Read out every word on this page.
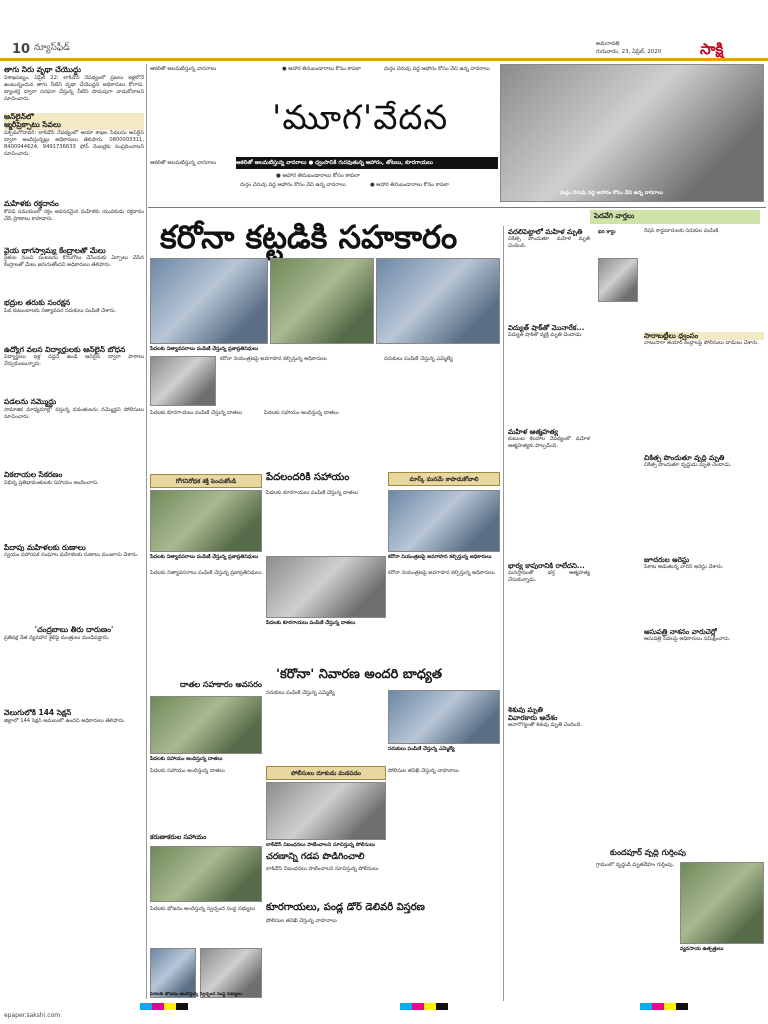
10 న్యూస్‌ఫీడ్	అమరావతి
గురువారం, 23, ఏప్రిల్, 2020	సాక్షి
తాగు నీరు వృథా చేయొద్దు
విశాఖపట్నం, ఏప్రిల్ 22: లాక్‌డౌన్ నేపథ్యంలో ప్రజలు ఇళ్లలోనే ఉంటున్నందున తాగు నీటిని వృథా చేయొద్దని అధికారులు కోరారు. ట్యాంకర్ల ద్వారా సరఫరా చేస్తున్న నీటిని పొదుపుగా వాడుకోవాలని సూచించారు.
ఆన్‌లైన్‌లో
ఆ్మరీప్రెక్సాటు సేవలు
పశ్చిమగోదావరి: లాక్‌డౌన్ నేపథ్యంలో ఆయా శాఖల సేవలను ఆన్‌లైన్ ద్వారా అందిస్తున్నట్లు అధికారులు తెలిపారు. 0800003311, 8400044624, 9491736633 ఫోన్ నెంబర్లకు సంప్రదించాలని సూచించారు.
మహిళకు రక్తదానం
కొవిడ్ సమయంలో రక్తం అవసరమైన మహిళకు యువకుడు రక్తదానం చేసి ప్రాణాలు కాపాడారు.
వైయ భాగస్వామ్య కేంద్రాలతో మేలు
రైతుల నుంచి పంటలను కొనుగోలు చేసేందుకు ఏర్పాటు చేసిన కేంద్రాలతో మేలు జరుగుతోందని అధికారులు తెలిపారు.
భద్రుల తరుకు సంరక్షన
పేద కుటుంబాలకు నిత్యావసర సరుకులు పంపిణీ చేశారు.
ఉద్యోగ వలస విద్యార్థులకు ఆన్‌లైన్ బోధన
విద్యార్థులు ఇళ్ల వద్దనే ఉండి ఆన్‌లైన్ ద్వారా పాఠాలు నేర్చుకుంటున్నారు.
పడలను నమ్మొద్దు
సామాజిక మాధ్యమాల్లో వస్తున్న వదంతులను నమ్మొద్దని పోలీసులు సూచించారు.
వికలాయల సేకరణం
విభిన్న ప్రతిభావంతులకు సహాయం అందించారు.
పేదాపు మహిళలకు రుణాలు
స్వయం సహాయక సంఘాల మహిళలకు రుణాలు మంజూరు చేశారు.
'చంద్రబాబు తీరు దారుణం'
ప్రతిపక్ష నేత వ్యవహార శైలిపై మంత్రులు మండిపడ్డారు.
వెలుగులోకి 144 సెక్షన్
జిల్లాలో 144 సెక్షన్ అమలులో ఉందని అధికారులు తెలిపారు.
ఆకలితో అలమటిస్తున్న వానరాలు	● ఆహార తినుబండారాలు కోసం కాపలా	దుర్గం చెరువు వద్ద ఆహారం కోసం వేచి ఉన్న వానరాలు
'మూగ'వేదన
ఆకలితో అలమటిస్తున్న వానరాలు ● ధ్వంసానికి గురవుతున్న ఆహారం, తోటలు, కూరగాయలు
● ఆహార తినుబండారాలు కోసం కాపలా
ఆకలితో అలమటిస్తున్న వానరాలు
దుర్గం చెరువు వద్ద ఆహారం కోసం వేచి ఉన్న వానరాలు	● ఆహార తినుబండారాలు కోసం కాపలా
దుర్గం చెరువు వద్ద ఆహారం కోసం వేచి ఉన్న వానరాలు
కరోనా కట్టడికి సహకారం
పెదవేగి వార్తలు
పేదలకు నిత్యావసరాలు పంపిణీ చేస్తున్న ప్రజాప్రతినిధులు
పేదలకు కూరగాయలు పంపిణీ చేస్తున్న దాతలు
కరోనా నియంత్రణపై అవగాహన కల్పిస్తున్న అధికారులు
పేదలకు సహాయం అందిస్తున్న దాతలు
సరుకులు పంపిణీ చేస్తున్న ఎమ్మెల్యే
రోగనిరోధక శక్తి పెంచుకోండి	పేదలందరికీ సహాయం	మాస్క్ మనమే కాపాడుకోవాలి
పేదలకు నిత్యావసరాలు పంపిణీ చేస్తున్న ప్రజాప్రతినిధులు
పేదలకు కూరగాయలు పంపిణీ చేస్తున్న దాతలు
కరోనా నియంత్రణపై అవగాహన కల్పిస్తున్న అధికారులు
పేదలకు నిత్యావసరాలు పంపిణీ చేస్తున్న ప్రజాప్రతినిధులు
పేదలకు కూరగాయలు పంపిణీ చేస్తున్న దాతలు
కరోనా నియంత్రణపై అవగాహన కల్పిస్తున్న అధికారులు
దాతల సహకారం అవసరం
పేదలకు సహాయం అందిస్తున్న దాతలు
'కరోనా' నివారణ అందరి బాధ్యత
సరుకులు పంపిణీ చేస్తున్న ఎమ్మెల్యే
సరుకులు పంపిణీ చేస్తున్న ఎమ్మెల్యే
పేదలకు సహాయం అందిస్తున్న దాతలు	పోలీసులు దూకుడు మడపడం
లాక్‌డౌన్ నిబంధనలు పాటించాలని సూచిస్తున్న పోలీసులు
పోలీసుల తనిఖీ చేస్తున్న వాహనాలు
కరుణాకరుల సహాయం
పేదలకు భోజనం అందిస్తున్న స్వచ్ఛంద సంస్థ సభ్యులు
చరణాన్ని గడప పొడిగించాలి
లాక్‌డౌన్ నిబంధనలు పాటించాలని సూచిస్తున్న పోలీసులు
కూరగాయలు, పండ్ల డోర్ డెలివరీ విస్తరణ
పోలీసుల తనిఖీ చేస్తున్న వాహనాలు
పేదలకు భోజనం అందిస్తున్న స్వచ్ఛంద సంస్థ సభ్యులు
వదలిపెట్టాలో మహిళ మృతి
చికిత్స పొందుతూ మహిళ మృతి చెందింది.
విద్యుత్ షాక్‌తో మొనారేక...
విద్యుత్ షాక్‌తో వ్యక్తి మృతి చెందాడు.
మహిళ ఆత్మహత్య
కుటుంబ కలహాల నేపథ్యంలో మహిళ ఆత్మహత్యకు పాల్పడింది.
భార్య కాపురానికి రాలేదని...
మనస్తాపంతో భర్త ఆత్మహత్య చేసుకున్నాడు.
శిశువు మృతి
వివారకారు ఆదేశం
అనారోగ్యంతో శిశువు మృతి చెందింది.
రేషన్ కార్డుదారులకు సరుకుల పంపిణీ.
సారాబట్టీలు ధ్వంసం
నాటుసారా తయారీ కేంద్రాలపై పోలీసులు దాడులు చేశారు.
చికిత్స పొందుతూ వృద్ధి మృతి
చికిత్స పొందుతూ వృద్ధుడు మృతి చెందాడు.
జూదరుల అరెస్టు
పేకాట ఆడుతున్న వారిని అరెస్టు చేశారు.
ఆసుపత్రి నాశనం వారుచెర్లో
ఆసుపత్రి సేవలపై అధికారులు సమీక్షించారు.
భర కార్డు
కుందపూర్ వృద్ధి గుర్తింపు
గ్రామంలో వృద్ధుడి మృతదేహం గుర్తింపు.
వ్యవసాయ ఉత్పత్తులు
epaper.sakshi.com
